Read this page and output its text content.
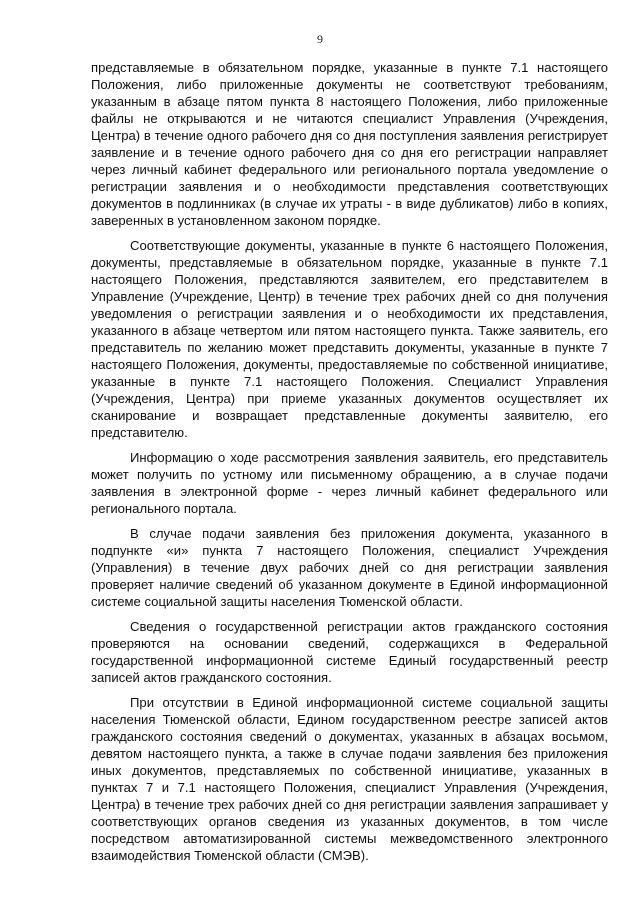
9

представляемые в обязательном порядке, указанные в пункте 7.1 настоящего Положения, либо приложенные документы не соответствуют требованиям, указанным в абзаце пятом пункта 8 настоящего Положения, либо приложенные файлы не открываются и не читаются специалист Управления (Учреждения, Центра) в течение одного рабочего дня со дня поступления заявления регистрирует заявление и в течение одного рабочего дня со дня его регистрации направляет через личный кабинет федерального или регионального портала уведомление о регистрации заявления и о необходимости представления соответствующих документов в подлинниках (в случае их утраты - в виде дубликатов) либо в копиях, заверенных в установленном законом порядке.

Соответствующие документы, указанные в пункте 6 настоящего Положения, документы, представляемые в обязательном порядке, указанные в пункте 7.1 настоящего Положения, представляются заявителем, его представителем в Управление (Учреждение, Центр) в течение трех рабочих дней со дня получения уведомления о регистрации заявления и о необходимости их представления, указанного в абзаце четвертом или пятом настоящего пункта. Также заявитель, его представитель по желанию может представить документы, указанные в пункте 7 настоящего Положения, документы, предоставляемые по собственной инициативе, указанные в пункте 7.1 настоящего Положения. Специалист Управления (Учреждения, Центра) при приеме указанных документов осуществляет их сканирование и возвращает представленные документы заявителю, его представителю.

Информацию о ходе рассмотрения заявления заявитель, его представитель может получить по устному или письменному обращению, а в случае подачи заявления в электронной форме - через личный кабинет федерального или регионального портала.

В случае подачи заявления без приложения документа, указанного в подпункте «и» пункта 7 настоящего Положения, специалист Учреждения (Управления) в течение двух рабочих дней со дня регистрации заявления проверяет наличие сведений об указанном документе в Единой информационной системе социальной защиты населения Тюменской области.

Сведения о государственной регистрации актов гражданского состояния проверяются на основании сведений, содержащихся в Федеральной государственной информационной системе Единый государственный реестр записей актов гражданского состояния.

При отсутствии в Единой информационной системе социальной защиты населения Тюменской области, Едином государственном реестре записей актов гражданского состояния сведений о документах, указанных в абзацах восьмом, девятом настоящего пункта, а также в случае подачи заявления без приложения иных документов, представляемых по собственной инициативе, указанных в пунктах 7 и 7.1 настоящего Положения, специалист Управления (Учреждения, Центра) в течение трех рабочих дней со дня регистрации заявления запрашивает у соответствующих органов сведения из указанных документов, в том числе посредством автоматизированной системы межведомственного электронного взаимодействия Тюменской области (СМЭВ).
